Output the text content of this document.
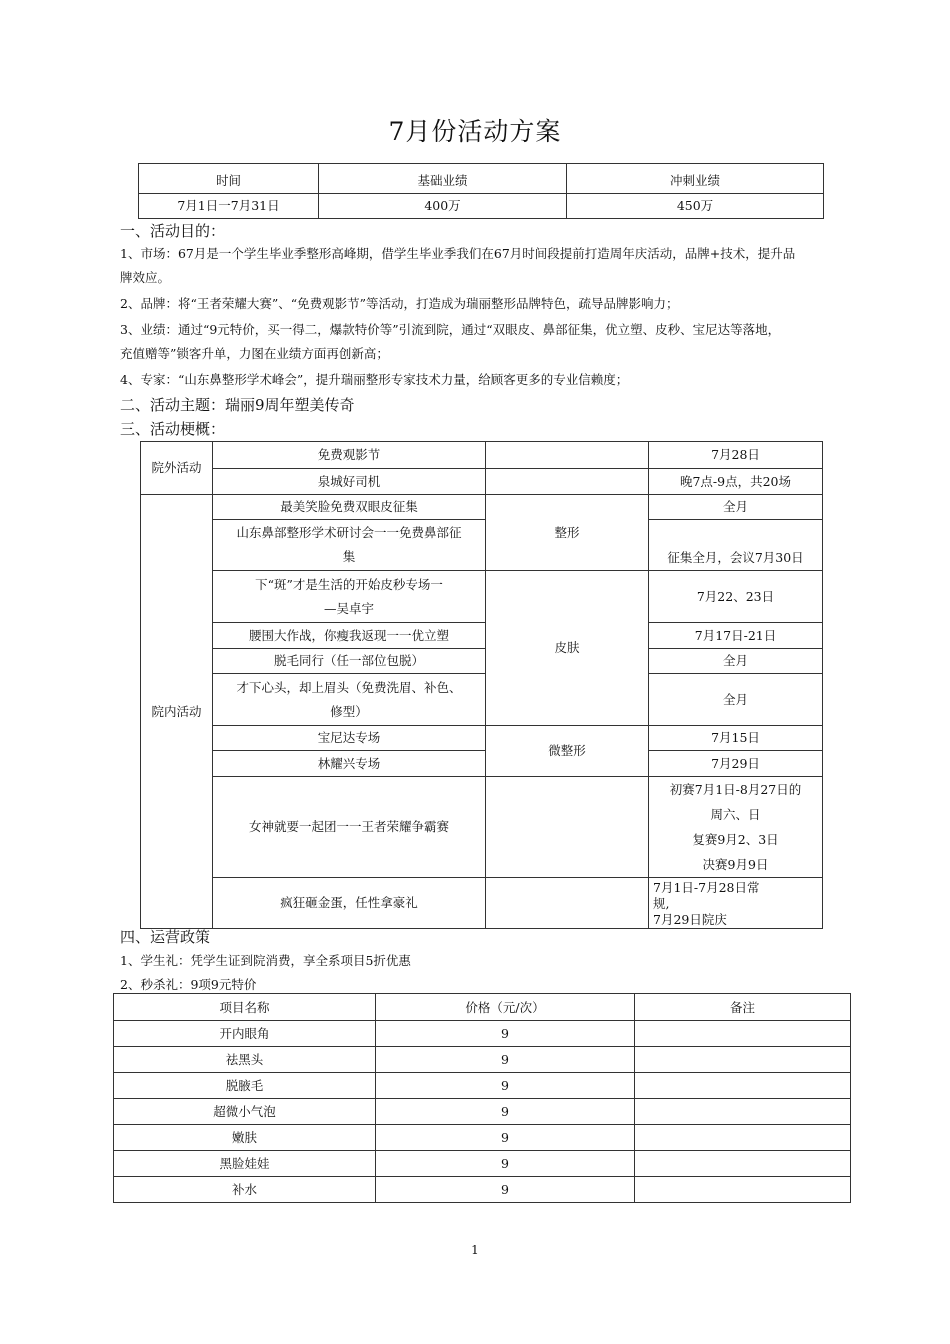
7月份活动方案
时间	基础业绩	冲刺业绩
7月1日一7月31日	400万	450万
一、活动目的：
1、市场：67月是一个学生毕业季整形高峰期，借学生毕业季我们在67月时间段提前打造周年庆活动，品牌+技术，提升品
牌效应。
2、品牌：将“王者荣耀大赛”、“免费观影节”等活动，打造成为瑞丽整形品牌特色，疏导品牌影响力；
3、业绩：通过“9元特价，买一得二，爆款特价等”引流到院，通过“双眼皮、鼻部征集，优立塑、皮秒、宝尼达等落地，
充值赠等”锁客升单，力图在业绩方面再创新高；
4、专家：“山东鼻整形学术峰会”，提升瑞丽整形专家技术力量，给顾客更多的专业信赖度；
二、活动主题：瑞丽9周年塑美传奇
三、活动梗概：
院外活动	免费观影节		7月28日
	泉城好司机		晚7点-9点，共20场
院内活动	最美笑脸免费双眼皮征集	整形	全月

	山东鼻部整形学术研讨会一一免费鼻部征
集		征集全月，会议7月30日

	下“斑”才是生活的开始皮秒专场一
—吴卓宇	皮肤	7月22、23日
	腰围大作战，你瘦我返现一一优立塑		7月17日-21日
	脱毛同行（任一部位包脱）		全月

	才下心头，却上眉头（免费洗眉、补色、
修型）		全月
	宝尼达专场	微整形	7月15日
	林耀兴专场		7月29日
	女神就要一起团一一王者荣耀争霸赛		初赛7月1日-8月27日的
周六、日
复赛9月2、3日
决赛9月9日

	疯狂砸金蛋，任性拿豪礼		7月1日-7月28日常
规,
7月29日院庆
四、运营政策
1、学生礼：凭学生证到院消费，享全系项目5折优惠
2、秒杀礼：9项9元特价
项目名称	价格（元/次）	备注
开内眼角	9	
祛黑头	9	
脱腋毛	9	
超微小气泡	9	
嫩肤	9	
黑脸娃娃	9	
补水	9	
1
